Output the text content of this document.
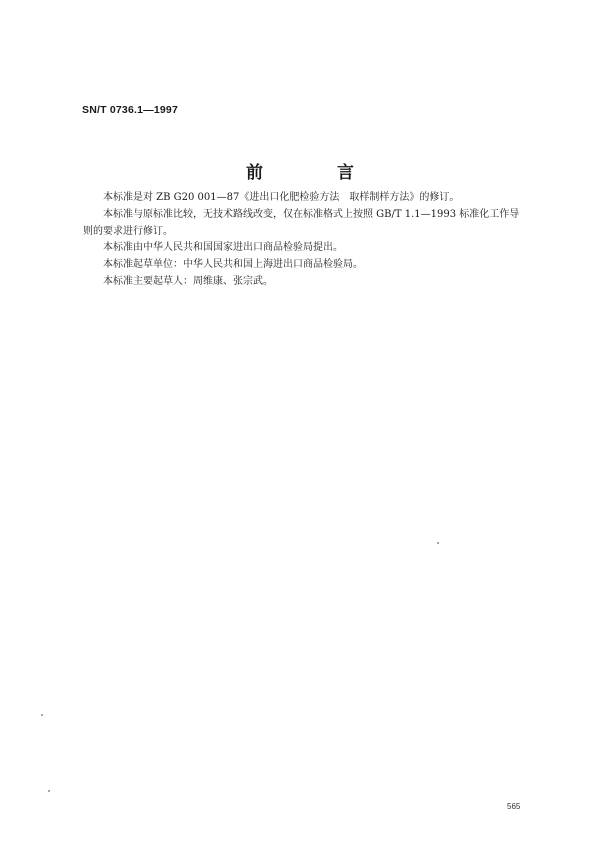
SN/T 0736.1—1997
前 言

本标准是对 ZB G20 001—87《进出口化肥检验方法　取样制样方法》的修订。

本标准与原标准比较，无技术路线改变，仅在标准格式上按照 GB/T 1.1—1993 标准化工作导则的要求进行修订。

本标准由中华人民共和国国家进出口商品检验局提出。

本标准起草单位：中华人民共和国上海进出口商品检验局。

本标准主要起草人：周维康、张宗武。

565
